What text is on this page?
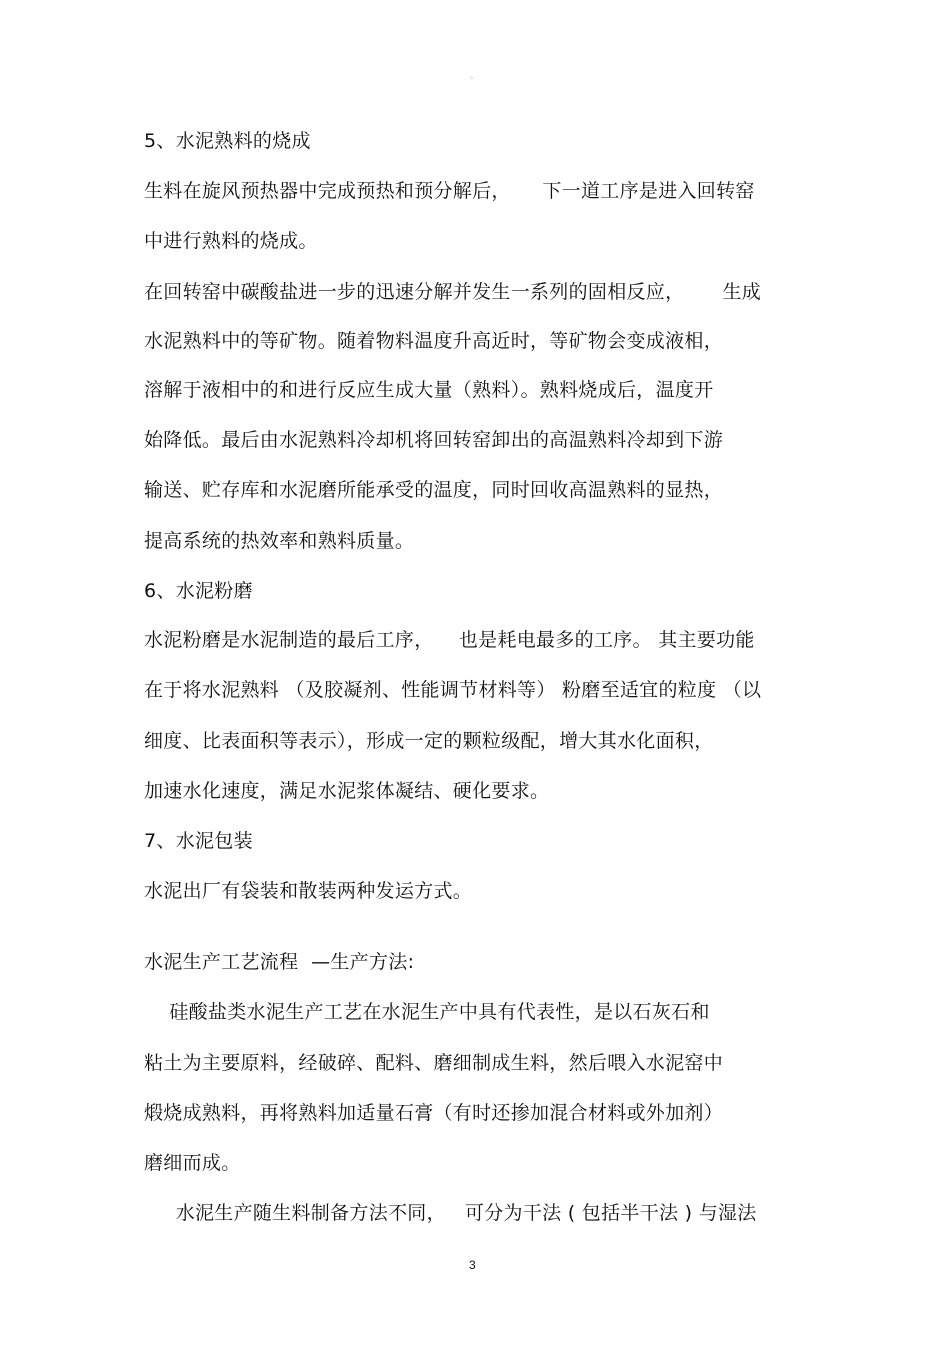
。
5、水泥熟料的烧成
生料在旋风预热器中完成预热和预分解后，     下一道工序是进入回转窑
中进行熟料的烧成。
在回转窑中碳酸盐进一步的迅速分解并发生一系列的固相反应，      生成
水泥熟料中的等矿物。随着物料温度升高近时，等矿物会变成液相，
溶解于液相中的和进行反应生成大量（熟料）。熟料烧成后，温度开
始降低。最后由水泥熟料冷却机将回转窑卸出的高温熟料冷却到下游
输送、贮存库和水泥磨所能承受的温度，同时回收高温熟料的显热，
提高系统的热效率和熟料质量。
6、水泥粉磨
水泥粉磨是水泥制造的最后工序，    也是耗电最多的工序。 其主要功能
在于将水泥熟料 （及胶凝剂、性能调节材料等） 粉磨至适宜的粒度 （以
细度、比表面积等表示），形成一定的颗粒级配，增大其水化面积，
加速水化速度，满足水泥浆体凝结、硬化要求。
7、水泥包装
水泥出厂有袋装和散装两种发运方式。
水泥生产工艺流程  —生产方法:
硅酸盐类水泥生产工艺在水泥生产中具有代表性，是以石灰石和
粘土为主要原料，经破碎、配料、磨细制成生料，然后喂入水泥窑中
煅烧成熟料，再将熟料加适量石膏（有时还掺加混合材料或外加剂）
磨细而成。
水泥生产随生料制备方法不同，   可分为干法 ( 包括半干法 ) 与湿法
3
